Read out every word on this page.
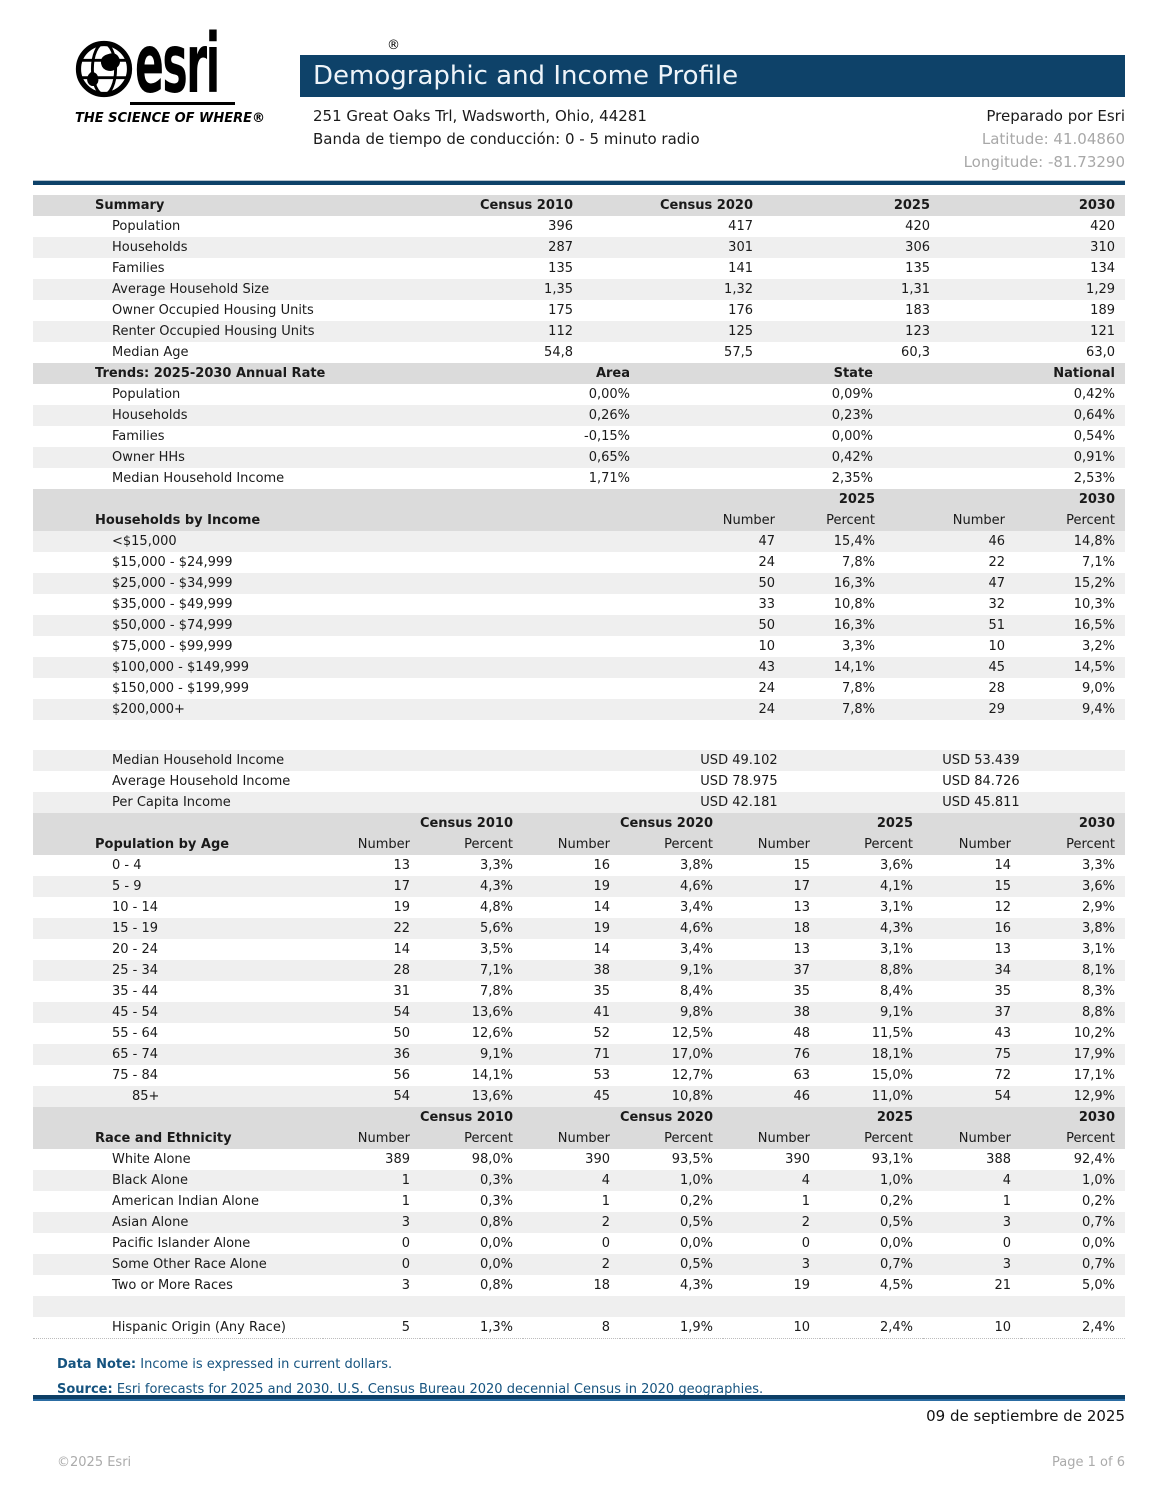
esri	®
THE SCIENCE OF WHERE®
Demographic and Income Profile
251 Great Oaks Trl, Wadsworth, Ohio, 44281
Banda de tiempo de conducción: 0 - 5 minuto radio
Preparado por Esri
Latitude: 41.04860
Longitude: -81.73290
Summary	Census 2010	Census 2020	2025	2030
Population	396	417	420	420
Households	287	301	306	310
Families	135	141	135	134
Average Household Size	1,35	1,32	1,31	1,29
Owner Occupied Housing Units	175	176	183	189
Renter Occupied Housing Units	112	125	123	121
Median Age	54,8	57,5	60,3	63,0
Trends: 2025-2030 Annual Rate	Area	State	National
Population	0,00%	0,09%	0,42%
Households	0,26%	0,23%	0,64%
Families	-0,15%	0,00%	0,54%
Owner HHs	0,65%	0,42%	0,91%
Median Household Income	1,71%	2,35%	2,53%
	2025		2030	
Households by Income	Number	Percent	Number	Percent
<$15,000	47	15,4%	46	14,8%
$15,000 - $24,999	24	7,8%	22	7,1%
$25,000 - $34,999	50	16,3%	47	15,2%
$35,000 - $49,999	33	10,8%	32	10,3%
$50,000 - $74,999	50	16,3%	51	16,5%
$75,000 - $99,999	10	3,3%	10	3,2%
$100,000 - $149,999	43	14,1%	45	14,5%
$150,000 - $199,999	24	7,8%	28	9,0%
$200,000+	24	7,8%	29	9,4%

Median Household Income	USD 49.102		USD 53.439	
Average Household Income	USD 78.975		USD 84.726	
Per Capita Income	USD 42.181		USD 45.811	
	Census 2010		Census 2020		2025		2030	
Population by Age	Number	Percent	Number	Percent	Number	Percent	Number	Percent
0 - 4	13	3,3%	16	3,8%	15	3,6%	14	3,3%
5 - 9	17	4,3%	19	4,6%	17	4,1%	15	3,6%
10 - 14	19	4,8%	14	3,4%	13	3,1%	12	2,9%
15 - 19	22	5,6%	19	4,6%	18	4,3%	16	3,8%
20 - 24	14	3,5%	14	3,4%	13	3,1%	13	3,1%
25 - 34	28	7,1%	38	9,1%	37	8,8%	34	8,1%
35 - 44	31	7,8%	35	8,4%	35	8,4%	35	8,3%
45 - 54	54	13,6%	41	9,8%	38	9,1%	37	8,8%
55 - 64	50	12,6%	52	12,5%	48	11,5%	43	10,2%
65 - 74	36	9,1%	71	17,0%	76	18,1%	75	17,9%
75 - 84	56	14,1%	53	12,7%	63	15,0%	72	17,1%
85+	54	13,6%	45	10,8%	46	11,0%	54	12,9%
	Census 2010		Census 2020		2025		2030	
Race and Ethnicity	Number	Percent	Number	Percent	Number	Percent	Number	Percent
White Alone	389	98,0%	390	93,5%	390	93,1%	388	92,4%
Black Alone	1	0,3%	4	1,0%	4	1,0%	4	1,0%
American Indian Alone	1	0,3%	1	0,2%	1	0,2%	1	0,2%
Asian Alone	3	0,8%	2	0,5%	2	0,5%	3	0,7%
Pacific Islander Alone	0	0,0%	0	0,0%	0	0,0%	0	0,0%
Some Other Race Alone	0	0,0%	2	0,5%	3	0,7%	3	0,7%
Two or More Races	3	0,8%	18	4,3%	19	4,5%	21	5,0%

Hispanic Origin (Any Race)	5	1,3%	8	1,9%	10	2,4%	10	2,4%
Data Note: Income is expressed in current dollars.
Source: Esri forecasts for 2025 and 2030. U.S. Census Bureau 2020 decennial Census in 2020 geographies.
09 de septiembre de 2025
©2025 Esri	Page 1 of 6
